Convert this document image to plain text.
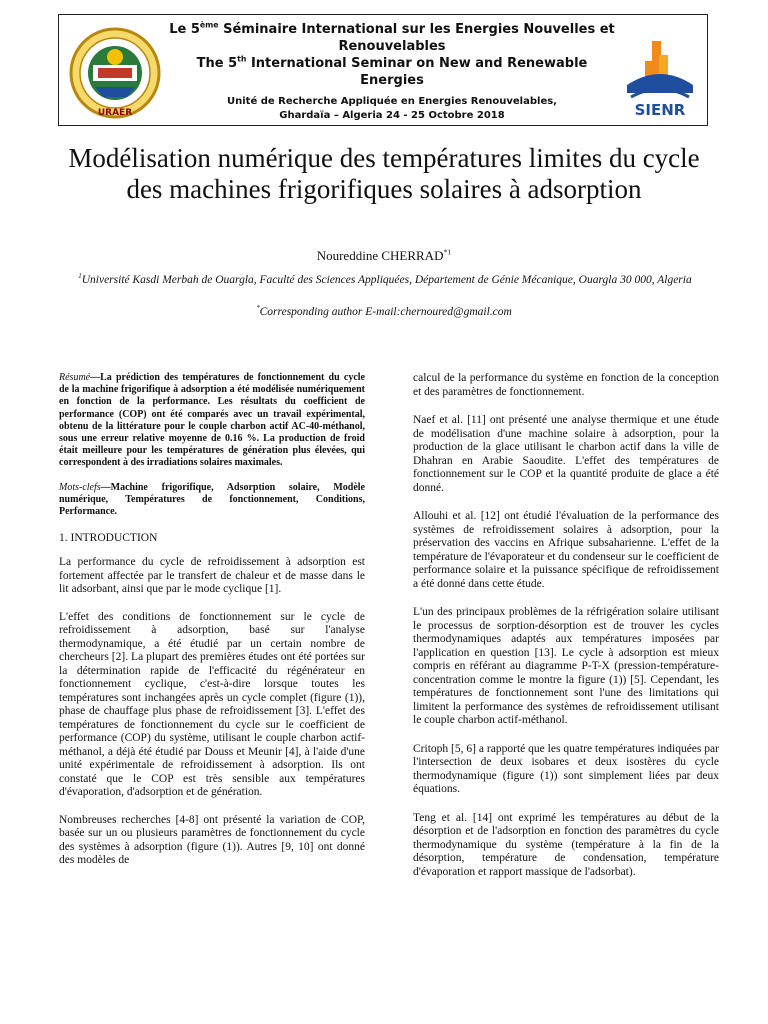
URAER
Le 5ème Séminaire International sur les Energies Nouvelles et Renouvelables
The 5th International Seminar on New and Renewable Energies
Unité de Recherche Appliquée en Energies Renouvelables,
Ghardaïa – Algeria 24 - 25 Octobre 2018	SIENR
Modélisation numérique des températures limites du cycle des machines frigorifiques solaires à adsorption
Noureddine CHERRAD$^{*1}$
$^1$Université Kasdi Merbah de Ouargla, Faculté des Sciences Appliquées, Département de Génie Mécanique, Ouargla 30 000, Algeria
*Corresponding author E-mail:chernoured@gmail.com

Résumé—La prédiction des températures de fonctionnement du cycle de la machine frigorifique à adsorption a été modélisée numériquement en fonction de la performance. Les résultats du coefficient de performance (COP) ont été comparés avec un travail expérimental, obtenu de la littérature pour le couple charbon actif AC-40-méthanol, sous une erreur relative moyenne de 0.16 %. La production de froid était meilleure pour les températures de génération plus élevées, qui correspondent à des irradiations solaires maximales.

Mots-clefs—Machine frigorifique, Adsorption solaire, Modèle numérique, Températures de fonctionnement, Conditions, Performance.

1. INTRODUCTION

La performance du cycle de refroidissement à adsorption est fortement affectée par le transfert de chaleur et de masse dans le lit adsorbant, ainsi que par le mode cyclique [1].

L'effet des conditions de fonctionnement sur le cycle de refroidissement à adsorption, basé sur l'analyse thermodynamique, a été étudié par un certain nombre de chercheurs [2]. La plupart des premières études ont été portées sur la détermination rapide de l'efficacité du régénérateur en fonctionnement cyclique, c'est-à-dire lorsque toutes les températures sont inchangées après un cycle complet (figure (1)), phase de chauffage plus phase de refroidissement [3]. L'effet des températures de fonctionnement du cycle sur le coefficient de performance (COP) du système, utilisant le couple charbon actif-méthanol, a déjà été étudié par Douss et Meunir [4], à l'aide d'une unité expérimentale de refroidissement à adsorption. Ils ont constaté que le COP est très sensible aux températures d'évaporation, d'adsorption et de génération.

Nombreuses recherches [4-8] ont présenté la variation de COP, basée sur un ou plusieurs paramètres de fonctionnement du cycle des systèmes à adsorption (figure (1)). Autres [9, 10] ont donné des modèles de

calcul de la performance du système en fonction de la conception et des paramètres de fonctionnement.

Naef et al. [11] ont présenté une analyse thermique et une étude de modélisation d'une machine solaire à adsorption, pour la production de la glace utilisant le charbon actif dans la ville de Dhahran en Arabie Saoudite. L'effet des températures de fonctionnement sur le COP et la quantité produite de glace a été donné.

Allouhi et al. [12] ont étudié l'évaluation de la performance des systèmes de refroidissement solaires à adsorption, pour la préservation des vaccins en Afrique subsaharienne. L'effet de la température de l'évaporateur et du condenseur sur le coefficient de performance solaire et la puissance spécifique de refroidissement a été donné dans cette étude.

L'un des principaux problèmes de la réfrigération solaire utilisant le processus de sorption-désorption est de trouver les cycles thermodynamiques adaptés aux températures imposées par l'application en question [13]. Le cycle à adsorption est mieux compris en référant au diagramme P-T-X (pression-température-concentration comme le montre la figure (1)) [5]. Cependant, les températures de fonctionnement sont l'une des limitations qui limitent la performance des systèmes de refroidissement utilisant le couple charbon actif-méthanol.

Critoph [5, 6] a rapporté que les quatre températures indiquées par l'intersection de deux isobares et deux isostères du cycle thermodynamique (figure (1)) sont simplement liées par deux équations.

Teng et al. [14] ont exprimé les températures au début de la désorption et de l'adsorption en fonction des paramètres du cycle thermodynamique du système (température à la fin de la désorption, température de condensation, température d'évaporation et rapport massique de l'adsorbat).
